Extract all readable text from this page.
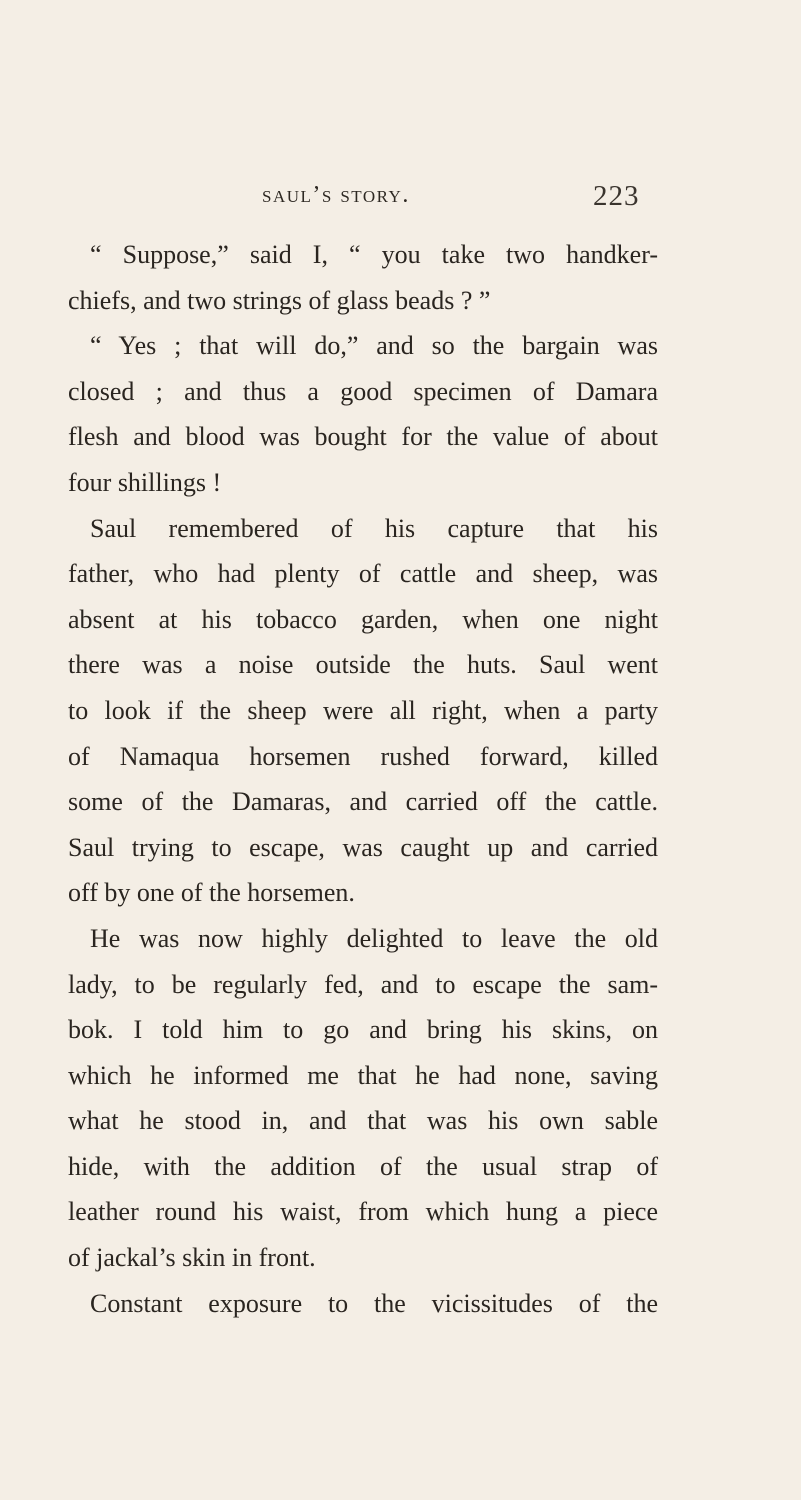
saul’s story.	223
“ Suppose,” said I, “ you take two handker-
chiefs, and two strings of glass beads ? ”
“ Yes ; that will do,” and so the bargain was
closed ; and thus a good specimen of Damara
flesh and blood was bought for the value of about
four shillings !
Saul remembered of his capture that his
father, who had plenty of cattle and sheep, was
absent at his tobacco garden, when one night
there was a noise outside the huts. Saul went
to look if the sheep were all right, when a party
of Namaqua horsemen rushed forward, killed
some of the Damaras, and carried off the cattle.
Saul trying to escape, was caught up and carried
off by one of the horsemen.
He was now highly delighted to leave the old
lady, to be regularly fed, and to escape the sam-
bok. I told him to go and bring his skins, on
which he informed me that he had none, saving
what he stood in, and that was his own sable
hide, with the addition of the usual strap of
leather round his waist, from which hung a piece
of jackal’s skin in front.
Constant exposure to the vicissitudes of the
